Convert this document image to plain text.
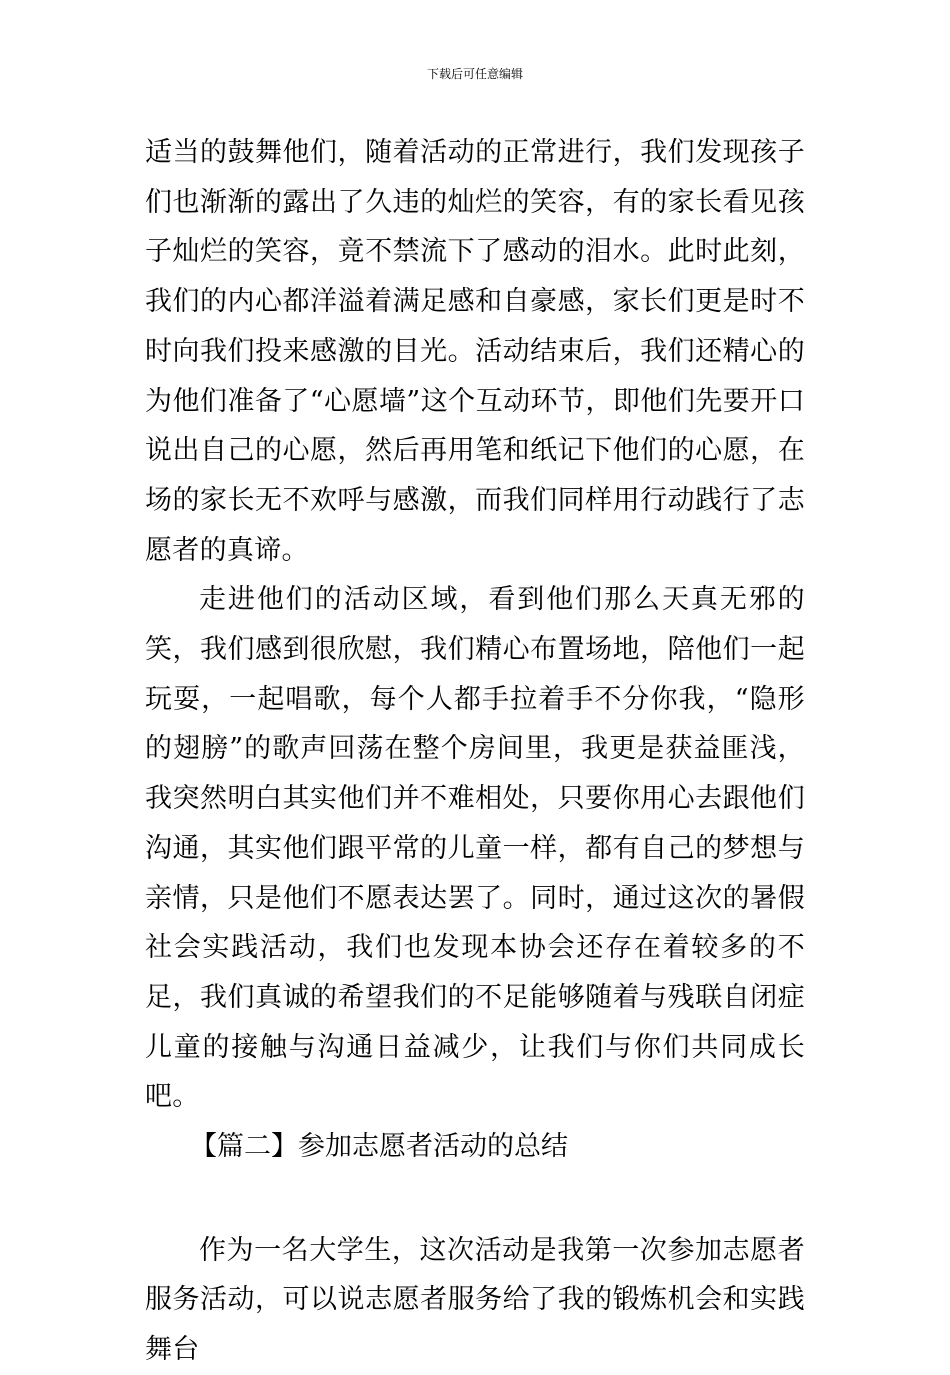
下载后可任意编辑

适当的鼓舞他们，随着活动的正常进行，我们发现孩子们也渐渐的露出了久违的灿烂的笑容，有的家长看见孩子灿烂的笑容，竟不禁流下了感动的泪水。此时此刻，我们的内心都洋溢着满足感和自豪感，家长们更是时不时向我们投来感激的目光。活动结束后，我们还精心的为他们准备了“心愿墙”这个互动环节，即他们先要开口说出自己的心愿，然后再用笔和纸记下他们的心愿，在场的家长无不欢呼与感激，而我们同样用行动践行了志愿者的真谛。

走进他们的活动区域，看到他们那么天真无邪的笑，我们感到很欣慰，我们精心布置场地，陪他们一起玩耍，一起唱歌，每个人都手拉着手不分你我，“隐形的翅膀”的歌声回荡在整个房间里，我更是获益匪浅，我突然明白其实他们并不难相处，只要你用心去跟他们沟通，其实他们跟平常的儿童一样，都有自己的梦想与亲情，只是他们不愿表达罢了。同时，通过这次的暑假社会实践活动，我们也发现本协会还存在着较多的不足，我们真诚的希望我们的不足能够随着与残联自闭症儿童的接触与沟通日益减少，让我们与你们共同成长吧。

【篇二】参加志愿者活动的总结

作为一名大学生，这次活动是我第一次参加志愿者服务活动，可以说志愿者服务给了我的锻炼机会和实践舞台
